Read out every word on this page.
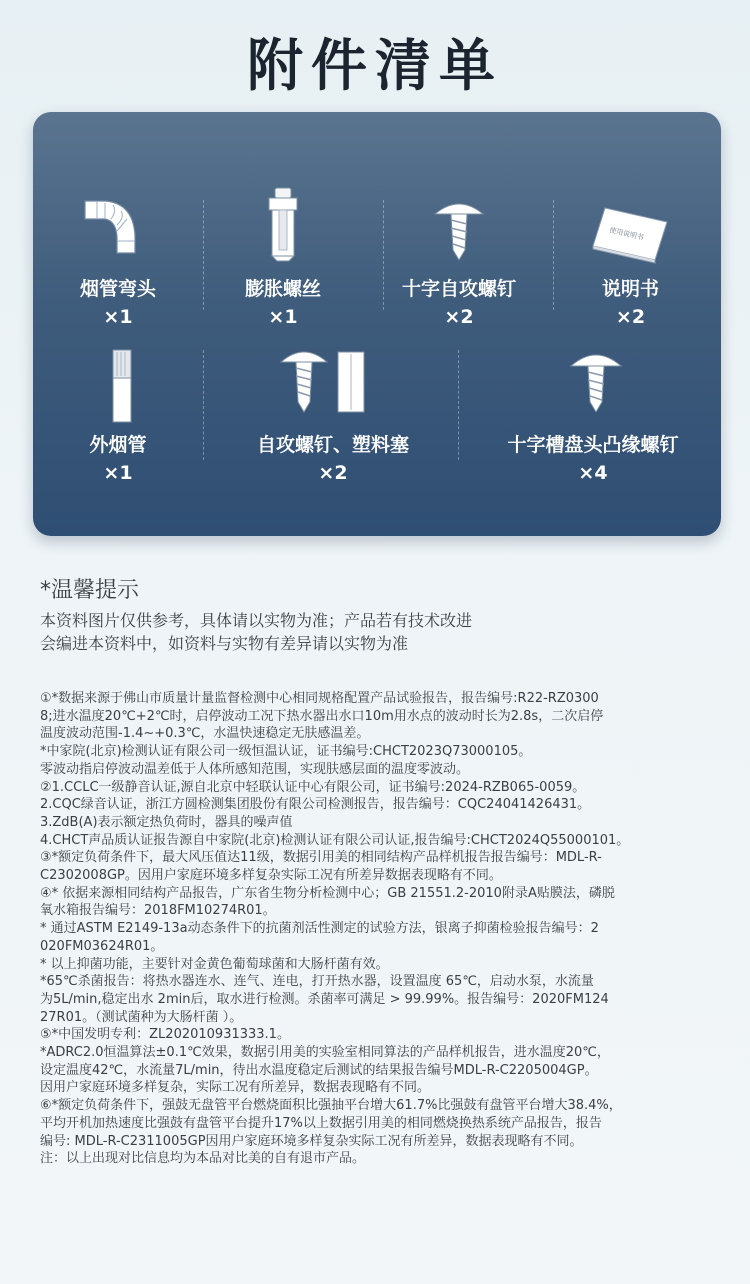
附件清单
烟管弯头
×1
膨胀螺丝
×1
十字自攻螺钉
×2
使用说明书
说明书
×2
外烟管
×1
自攻螺钉、塑料塞
×2
十字槽盘头凸缘螺钉
×4
*温馨提示
本资料图片仅供参考，具体请以实物为准；产品若有技术改进
会编进本资料中，如资料与实物有差异请以实物为准
①*数据来源于佛山市质量计量监督检测中心相同规格配置产品试验报告，报告编号:R22-RZ0300
8;进水温度20℃+2℃时，启停波动工况下热水器出水口10m用水点的波动时长为2.8s，二次启停
温度波动范围-1.4~+0.3℃，水温快速稳定无肤感温差。
*中家院(北京)检测认证有限公司一级恒温认证，证书编号:CHCT2023Q73000105。
零波动指启停波动温差低于人体所感知范围，实现肤感层面的温度零波动。
②1.CCLC一级静音认证,源自北京中轻联认证中心有限公司，证书编号:2024-RZB065-0059。
2.CQC绿音认证，浙江方圆检测集团股份有限公司检测报告，报告编号：CQC24041426431。
3.ZdB(A)表示额定热负荷时，器具的噪声值
4.CHCT声品质认证报告源自中家院(北京)检测认证有限公司认证,报告编号:CHCT2024Q55000101。
③*额定负荷条件下，最大风压值达11级，数据引用美的相同结构产品样机报告报告编号：MDL-R-
C2302008GP。因用户家庭环境多样复杂实际工况有所差异数据表现略有不同。
④* 依据来源相同结构产品报告，广东省生物分析检测中心；GB 21551.2-2010附录A贴膜法，磷脱
氧水箱报告编号：2018FM10274R01。
* 通过ASTM E2149-13a动态条件下的抗菌剂活性测定的试验方法，银离子抑菌检验报告编号：2
020FM03624R01。
* 以上抑菌功能，主要针对金黄色葡萄球菌和大肠杆菌有效。
*65℃杀菌报告：将热水器连水、连气、连电，打开热水器，设置温度 65℃，启动水泵，水流量
为5L/min,稳定出水 2min后，取水进行检测。杀菌率可满足 > 99.99%。报告编号：2020FM124
27R01。（测试菌种为大肠杆菌 ）。
⑤*中国发明专利：ZL202010931333.1。
*ADRC2.0恒温算法±0.1℃效果，数据引用美的实验室相同算法的产品样机报告，进水温度20℃，
设定温度42℃，水流量7L/min，待出水温度稳定后测试的结果报告编号MDL-R-C2205004GP。
因用户家庭环境多样复杂，实际工况有所差异，数据表现略有不同。
⑥*额定负荷条件下，强鼓无盘管平台燃烧面积比强抽平台增大61.7%比强鼓有盘管平台增大38.4%，
平均开机加热速度比强鼓有盘管平台提升17%以上数据引用美的相同燃烧换热系统产品报告，报告
编号: MDL-R-C2311005GP因用户家庭环境多样复杂实际工况有所差异，数据表现略有不同。
注：以上出现对比信息均为本品对比美的自有退市产品。
